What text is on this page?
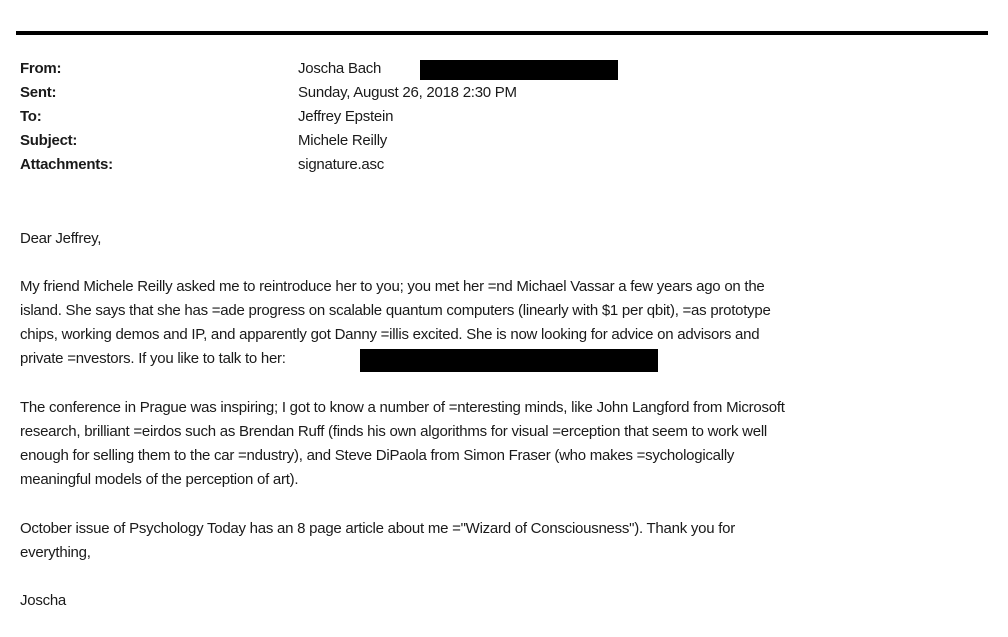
From:	Joscha Bach
Sent:	Sunday, August 26, 2018 2:30 PM
To:	Jeffrey Epstein
Subject:	Michele Reilly
Attachments:	signature.asc
Dear Jeffrey,
My friend Michele Reilly asked me to reintroduce her to you; you met her =nd Michael Vassar a few years ago on the
island. She says that she has =ade progress on scalable quantum computers (linearly with $1 per qbit), =as prototype
chips, working demos and IP, and apparently got Danny =illis excited. She is now looking for advice on advisors and
private =nvestors. If you like to talk to her:
The conference in Prague was inspiring; I got to know a number of =nteresting minds, like John Langford from Microsoft
research, brilliant =eirdos such as Brendan Ruff (finds his own algorithms for visual =erception that seem to work well
enough for selling them to the car =ndustry), and Steve DiPaola from Simon Fraser (who makes =sychologically
meaningful models of the perception of art).
October issue of Psychology Today has an 8 page article about me ="Wizard of Consciousness"). Thank you for
everything,
Joscha
